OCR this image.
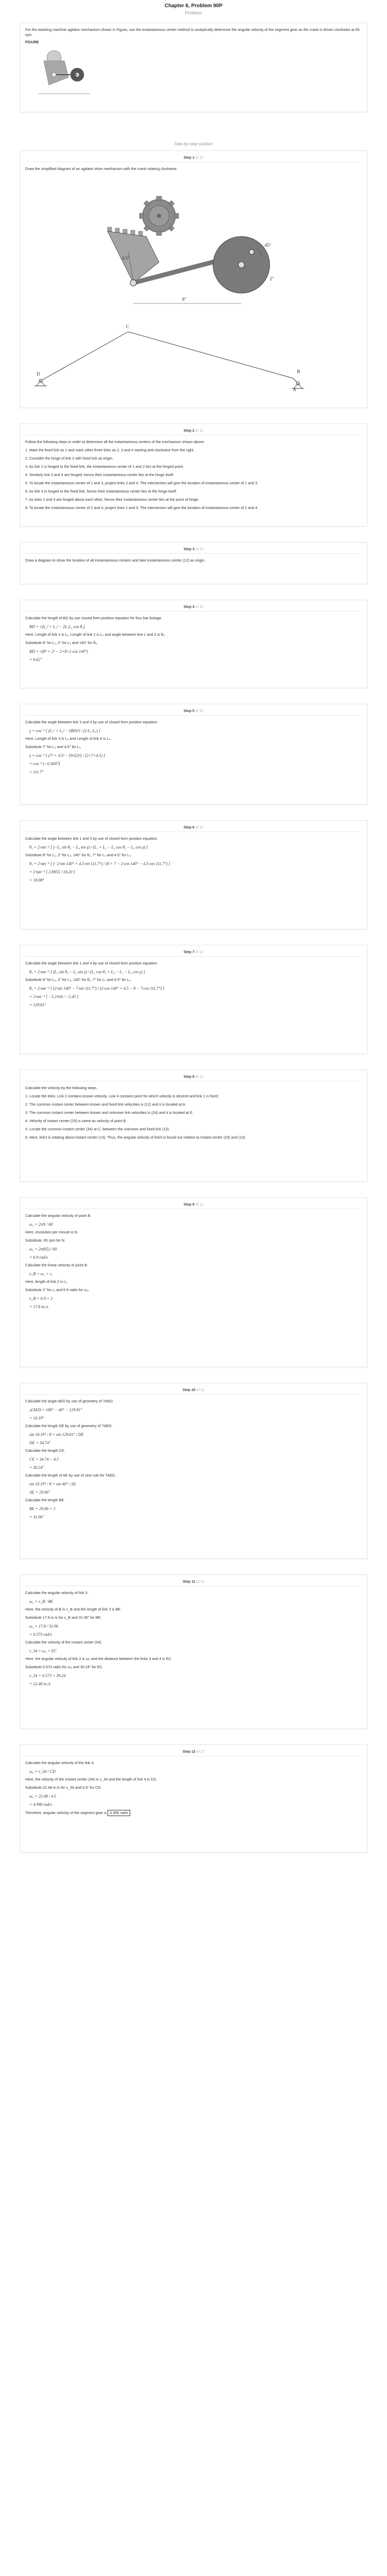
Chapter 6, Problem 90P
Problem
For the washing machine agitator mechanism shown in Figure, use the instantaneous center method to analytically determine the angular velocity of the segment gear as the crank is driven clockwise at 65 rpm.
FIGURE
Step-by-step solution
Step 1 of 12
Draw the simplified diagram of an agitator drive mechanism with the crank rotating clockwise.
4.5"
8"
45°
2"
C
B
D
A
Step 2 of 12
Follow the following steps in order to determine all the instantaneous centers of the mechanism shown above:
1. Mark the fixed link as 1 and mark other three links as 2, 3 and 4 starting anti-clockwise from the right.
2. Consider the hinge of link 2 with fixed link as origin.
3. As link 2 is hinged to the fixed link, the instantaneous center of 1 and 2 lies at the hinged point.
4. Similarly link 3 and 4 are hinged; hence their instantaneous center lies at the hinge itself.
5. To locate the instantaneous center of 1 and 3, project links 2 and 4. The intersection will give the location of instantaneous center of 1 and 3.
6. As link 4 is hinged to the fixed link, hence their instantaneous center lies at the hinge itself.
7. As links 2 and 3 are hinged about each other, hence their instantaneous center lies at the point of hinge.
8. To locate the instantaneous center of 2 and 4, project links 1 and 3. The intersection will give the location of instantaneous center of 2 and 4.
Step 3 of 12
Draw a diagram to show the location of all instantaneous centers and take instantaneous center (12) as origin.
Step 4 of 12
Calculate the length of BD by use closed form position equation for four bar linkage.
BD = √(L₁² + L₂² − 2L₁L₂ cos θ₂)
Here, Length of link 1 is L₁, Length of link 2 is L₂ and angle between line 1 and 2 is θ₂.
Substitute 8" for L₁, 2" for L₂ and 140° for θ₂.
BD = √(8² + 2² − 2×8×2 cos 140°)
= 9.62"
Step 5 of 12
Calculate the angle between link 3 and 4 by use of closed form position equation.
γ = cos⁻¹ [ (L₃² + L₄² − (BD)²) / (2·L₃·L₄) ]
Here, Length of link 3 is L₃ and Length of link 4 is L₄.
Substitute 7" for L₃ and 4.5" for L₄.
γ = cos⁻¹ [ (7² + 4.5² − (9.62)²) / (2×7×4.5) ]
= cos⁻¹ (−0.3697)
= 111.7°
Step 6 of 12
Calculate the angle between link 1 and 3 by use of closed form position equation.
θ₃ = 2·tan⁻¹ [ (−L₂ sin θ₂ − L₄ sin γ) / (L₁ + L₃ − L₂ cos θ₂ − L₄ cos γ) ]
Substitute 8" for L₁, 2" for L₂, 140° for θ₂, 7" for L₃ and 4.5" for L₄.
θ₃ = 2·tan⁻¹ [ (−2·sin 140° + 4.5·sin 111.7°) / (8 + 7 − 2·cos 140° − 4.5·cos 111.7°) ]
= 2·tan⁻¹ [ 2.8955 / 18.20 ]
= 18.08°
Step 7 of 12
Calculate the angle between link 1 and 4 by use of closed form position equation.
θ₄ = 2·tan⁻¹ [ (L₂ sin θ₂ − L₃ sin γ) / (L₂ cos θ₂ + L₄ − L₁ − L₃ cos γ) ]
Substitute 8" for L₁, 2" for L₂, 140° for θ₂, 7" for L₃ and 4.5" for L₄.
θ₄ = 2·tan⁻¹ [ (2·sin 140° − 7·sin 111.7°) / (2·cos 140° + 4.5 − 8 − 7·cos 111.7°) ]
= 2·tan⁻¹ [ −5.2164 / −2.45 ]
= 129.81°
Step 8 of 12
Calculate the velocity by the following steps.
1. Locate the links. Link 2 contains known velocity. Link 4 contains point for which velocity is desired and link 1 is fixed.
2. The common instant center between known and fixed link velocities is (12) and it is located at A.
3. The common instant center between known and unknown link velocities is (24) and it is located at E.
4. Velocity of instant center (23) is same as velocity of point B.
5. Locate the common instant center (34) at C, between the unknown and fixed link (13).
6. Here, link3 is rotating about instant center (13). Thus, the angular velocity of link3 is found out relative to instant center (23) and (13).
Step 9 of 12
Calculate the angular velocity of point B.
ω₂ = 2πN / 60
Here, revolution per minute is N.
Substitute, 65 rpm for N.
ω₂ = 2π(65) / 60
= 6.9 rad/s
Calculate the linear velocity of point B.
v_B = ω₂ × r₂
Here, length of link 2 is r₂.
Substitute 2" for r₂ and 6.9 rad/s for ω₂.
v_B = 6.9 × 2
= 17.8 in./s
Step 10 of 12
Calculate the angle AED by use of geometry of ?AED.
∠AED = 180° − 40° − 129.81°
= 10.19°
Calculate the length DE by use of geometry of ?AED.
sin 10.19° / 8 = sin 129.81° / DE
DE = 34.74"
Calculate the length CE.
CE = 34.74 − 4.5
= 30.24"
Calculate the length of AE by use of sine rule for ?AED.
sin 10.19° / 8 = sin 40° / AE
AE = 29.06"
Calculate the length BE.
BE = 29.06 + 2
= 31.06"
Step 11 of 12
Calculate the angular velocity of link 3.
ω₃ = v_B / BE
Here, the velocity of B is v_B and the length of link 3 is BE.
Substitute 17.8 in./s for v_B and 31.06" for BE.
ω₃ = 17.8 / 31.06
= 0.573 rad/s
Calculate the velocity of the instant center (34).
v_34 = ω₃ × EC
Here, the angular velocity of link 3 is ω₃ and the distance between the links 3 and 4 is EC.
Substitute 0.573 rad/s for ω₃ and 30.24" for EC.
v_34 = 0.573 × 39.24
= 22.48 in./s
Step 12 of 12
Calculate the angular velocity of the link 4.
ω₄ = v_34 / CD
Here, the velocity of the instant center (34) is v_34 and the length of link 4 is CD.
Substitute 22.48 in./s for v_34 and 4.5" for CD.
ω₄ = 22.48 / 4.5
= 4.996 rad/s
Therefore, angular velocity of the segment gear is 4.996 rad/s
